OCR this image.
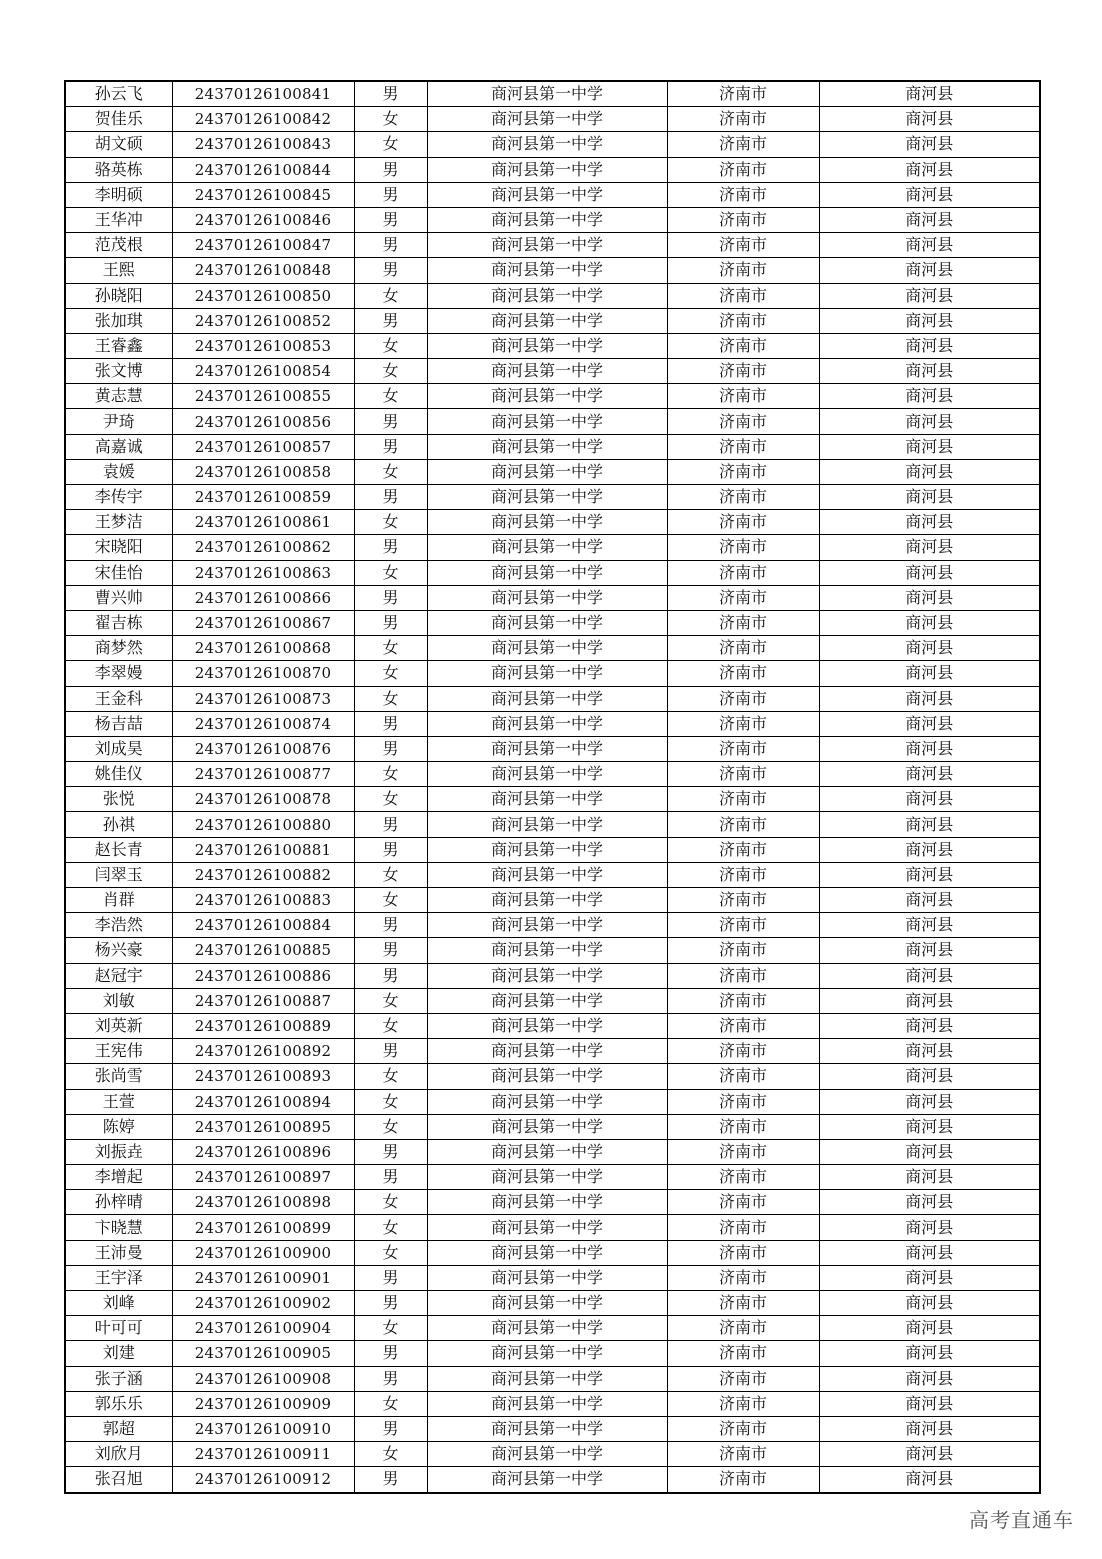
孙云飞	24370126100841	男	商河县第一中学	济南市	商河县
贺佳乐	24370126100842	女	商河县第一中学	济南市	商河县
胡文硕	24370126100843	女	商河县第一中学	济南市	商河县
骆英栋	24370126100844	男	商河县第一中学	济南市	商河县
李明硕	24370126100845	男	商河县第一中学	济南市	商河县
王华冲	24370126100846	男	商河县第一中学	济南市	商河县
范茂根	24370126100847	男	商河县第一中学	济南市	商河县
王熙	24370126100848	男	商河县第一中学	济南市	商河县
孙晓阳	24370126100850	女	商河县第一中学	济南市	商河县
张加琪	24370126100852	男	商河县第一中学	济南市	商河县
王睿鑫	24370126100853	女	商河县第一中学	济南市	商河县
张文博	24370126100854	女	商河县第一中学	济南市	商河县
黄志慧	24370126100855	女	商河县第一中学	济南市	商河县
尹琦	24370126100856	男	商河县第一中学	济南市	商河县
高嘉诚	24370126100857	男	商河县第一中学	济南市	商河县
袁媛	24370126100858	女	商河县第一中学	济南市	商河县
李传宇	24370126100859	男	商河县第一中学	济南市	商河县
王梦洁	24370126100861	女	商河县第一中学	济南市	商河县
宋晓阳	24370126100862	男	商河县第一中学	济南市	商河县
宋佳怡	24370126100863	女	商河县第一中学	济南市	商河县
曹兴帅	24370126100866	男	商河县第一中学	济南市	商河县
翟吉栋	24370126100867	男	商河县第一中学	济南市	商河县
商梦然	24370126100868	女	商河县第一中学	济南市	商河县
李翠嫚	24370126100870	女	商河县第一中学	济南市	商河县
王金科	24370126100873	女	商河县第一中学	济南市	商河县
杨吉喆	24370126100874	男	商河县第一中学	济南市	商河县
刘成昊	24370126100876	男	商河县第一中学	济南市	商河县
姚佳仪	24370126100877	女	商河县第一中学	济南市	商河县
张悦	24370126100878	女	商河县第一中学	济南市	商河县
孙祺	24370126100880	男	商河县第一中学	济南市	商河县
赵长青	24370126100881	男	商河县第一中学	济南市	商河县
闫翠玉	24370126100882	女	商河县第一中学	济南市	商河县
肖群	24370126100883	女	商河县第一中学	济南市	商河县
李浩然	24370126100884	男	商河县第一中学	济南市	商河县
杨兴豪	24370126100885	男	商河县第一中学	济南市	商河县
赵冠宇	24370126100886	男	商河县第一中学	济南市	商河县
刘敏	24370126100887	女	商河县第一中学	济南市	商河县
刘英新	24370126100889	女	商河县第一中学	济南市	商河县
王宪伟	24370126100892	男	商河县第一中学	济南市	商河县
张尚雪	24370126100893	女	商河县第一中学	济南市	商河县
王萱	24370126100894	女	商河县第一中学	济南市	商河县
陈婷	24370126100895	女	商河县第一中学	济南市	商河县
刘振垚	24370126100896	男	商河县第一中学	济南市	商河县
李增起	24370126100897	男	商河县第一中学	济南市	商河县
孙梓晴	24370126100898	女	商河县第一中学	济南市	商河县
卞晓慧	24370126100899	女	商河县第一中学	济南市	商河县
王沛曼	24370126100900	女	商河县第一中学	济南市	商河县
王宇泽	24370126100901	男	商河县第一中学	济南市	商河县
刘峰	24370126100902	男	商河县第一中学	济南市	商河县
叶可可	24370126100904	女	商河县第一中学	济南市	商河县
刘建	24370126100905	男	商河县第一中学	济南市	商河县
张子涵	24370126100908	男	商河县第一中学	济南市	商河县
郭乐乐	24370126100909	女	商河县第一中学	济南市	商河县
郭超	24370126100910	男	商河县第一中学	济南市	商河县
刘欣月	24370126100911	女	商河县第一中学	济南市	商河县
张召旭	24370126100912	男	商河县第一中学	济南市	商河县
高考直通车
